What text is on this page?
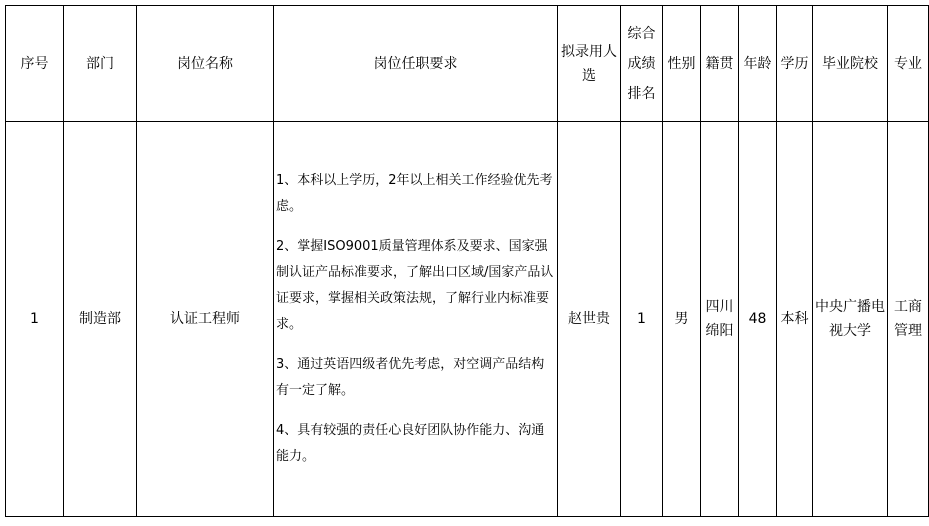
序号	部门	岗位名称	岗位任职要求	拟录用人选	综合成绩排名	性别	籍贯	年龄	学历	毕业院校	专业
1	制造部	认证工程师	1、本科以上学历，2年以上相关工作经验优先考虑。
2、掌握ISO9001质量管理体系及要求、国家强制认证产品标准要求，了解出口区域/国家产品认证要求，掌握相关政策法规，了解行业内标准要求。
3、通过英语四级者优先考虑，对空调产品结构有一定了解。
4、具有较强的责任心良好团队协作能力、沟通能力。	赵世贵	1	男	四川绵阳	48	本科	中央广播电视大学	工商管理
